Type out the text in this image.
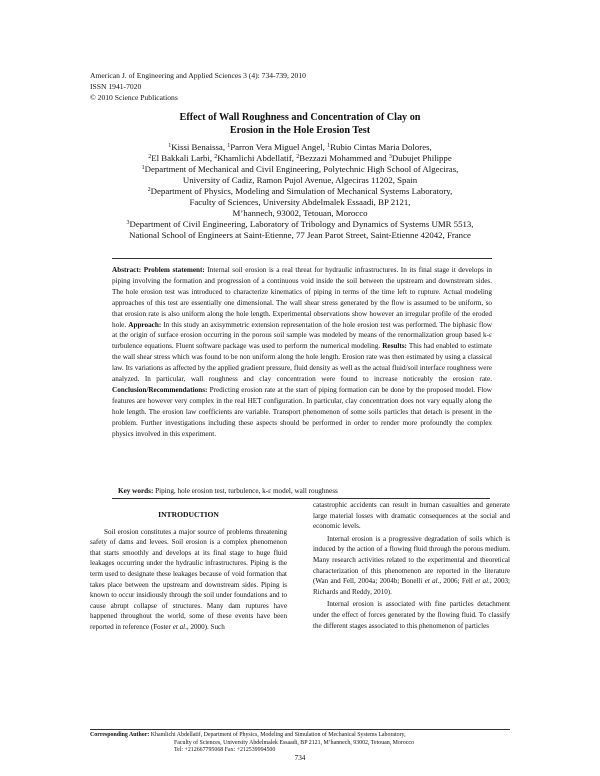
American J. of Engineering and Applied Sciences 3 (4): 734-739, 2010
ISSN 1941-7020
© 2010 Science Publications
Effect of Wall Roughness and Concentration of Clay on
Erosion in the Hole Erosion Test
$^1$Kissi Benaissa, $^1$Parron Vera Miguel Angel, $^1$Rubio Cintas Maria Dolores,
$^2$El Bakkali Larbi, $^2$Khamlichi Abdellatif, $^2$Bezzazi Mohammed and $^3$Dubujet Philippe
$^1$Department of Mechanical and Civil Engineering, Polytechnic High School of Algeciras,
University of Cadiz, Ramon Pujol Avenue, Algeciras 11202, Spain
$^2$Department of Physics, Modeling and Simulation of Mechanical Systems Laboratory,
Faculty of Sciences, University Abdelmalek Essaadi, BP 2121,
M’hannech, 93002, Tetouan, Morocco
$^3$Department of Civil Engineering, Laboratory of Tribology and Dynamics of Systems UMR 5513,
National School of Engineers at Saint-Etienne, 77 Jean Parot Street, Saint-Etienne 42042, France
Abstract: Problem statement: Internal soil erosion is a real threat for hydraulic infrastructures. In its final stage it develops in piping involving the formation and progression of a continuous void inside the soil between the upstream and downstream sides. The hole erosion test was introduced to characterize kinematics of piping in terms of the time left to rupture. Actual modeling approaches of this test are essentially one dimensional. The wall shear stress generated by the flow is assumed to be uniform, so that erosion rate is also uniform along the hole length. Experimental observations show however an irregular profile of the eroded hole. Approach: In this study an axisymmetric extension representation of the hole erosion test was performed. The biphasic flow at the origin of surface erosion occurring in the porous soil sample was modeled by means of the renormalization group based k-ε turbulence equations. Fluent software package was used to perform the numerical modeling. Results: This had enabled to estimate the wall shear stress which was found to be non uniform along the hole length. Erosion rate was then estimated by using a classical law. Its variations as affected by the applied gradient pressure, fluid density as well as the actual fluid/soil interface roughness were analyzed. In particular, wall roughness and clay concentration were found to increase noticeably the erosion rate. Conclusion/Recommendations: Predicting erosion rate at the start of piping formation can be done by the proposed model. Flow features are however very complex in the real HET configuration. In particular, clay concentration does not vary equally along the hole length. The erosion law coefficients are variable. Transport phenomenon of some soils particles that detach is present in the problem. Further investigations including these aspects should be performed in order to render more profoundly the complex physics involved in this experiment.
Key words: Piping, hole erosion test, turbulence, k-ε model, wall roughness
INTRODUCTION

Soil erosion constitutes a major source of problems threatening safety of dams and levees. Soil erosion is a complex phenomenon that starts smoothly and develops at its final stage to huge fluid leakages occurring under the hydraulic infrastructures. Piping is the term used to designate these leakages because of void formation that takes place between the upstream and downstream sides. Piping is known to occur insidiously through the soil under foundations and to cause abrupt collapse of structures. Many dam ruptures have happened throughout the world, some of these events have been reported in reference (Foster et al., 2000). Such

catastrophic accidents can result in human casualties and generate large material losses with dramatic consequences at the social and economic levels.

Internal erosion is a progressive degradation of soils which is induced by the action of a flowing fluid through the porous medium. Many research activities related to the experimental and theoretical characterization of this phenomenon are reported in the literature (Wan and Fell, 2004a; 2004b; Bonelli et al., 2006; Fell et al., 2003; Richards and Reddy, 2010).

Internal erosion is associated with fine particles detachment under the effect of forces generated by the flowing fluid. To classify the different stages associated to this phenomenon of particles

Corresponding Author: Khamlichi Abdellatif, Department of Physics, Modeling and Simulation of Mechanical Systems Laboratory,
Faculty of Sciences, University Abdelmalek Essaadi, BP 2121, M’hannech, 93002, Tetouan, Morocco
Tel: +212667795068 Fax: +212539994500
734
